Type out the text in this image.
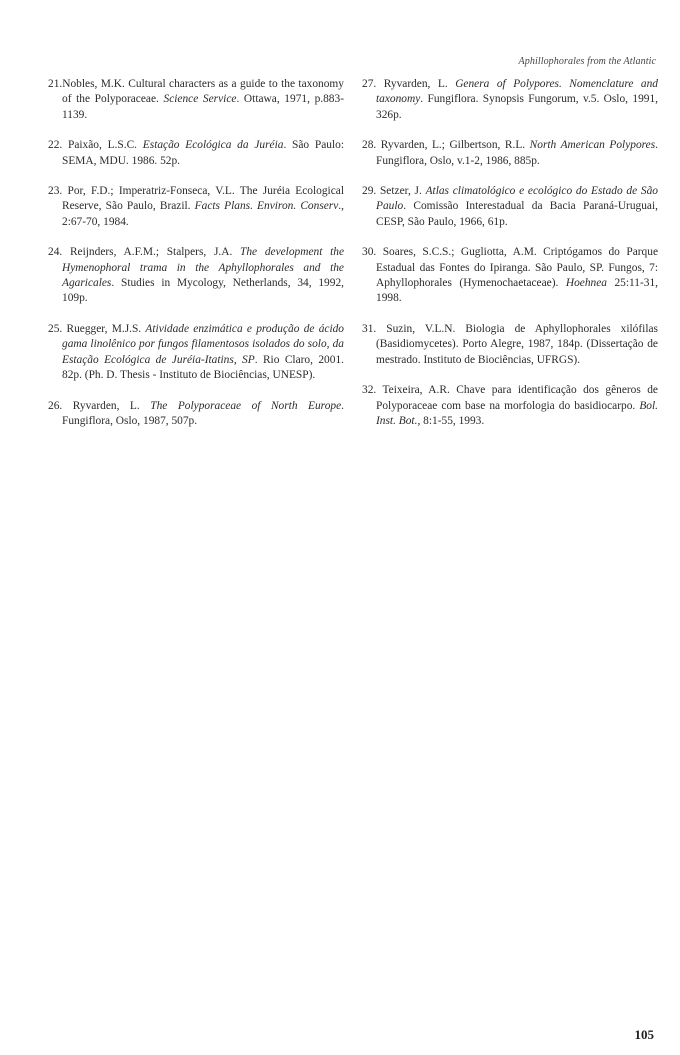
Aphillophorales from the Atlantic

21.Nobles, M.K. Cultural characters as a guide to the taxonomy of the Polyporaceae. Science Service. Ottawa, 1971, p.883-1139.

22. Paixão, L.S.C. Estação Ecológica da Juréia. São Paulo: SEMA, MDU. 1986. 52p.

23. Por, F.D.; Imperatriz-Fonseca, V.L. The Juréia Ecological Reserve, São Paulo, Brazil. Facts Plans. Environ. Conserv., 2:67-70, 1984.

24. Reijnders, A.F.M.; Stalpers, J.A. The development the Hymenophoral trama in the Aphyllophorales and the Agaricales. Studies in Mycology, Netherlands, 34, 1992, 109p.

25. Ruegger, M.J.S. Atividade enzimática e produção de ácido gama linolênico por fungos filamentosos isolados do solo, da Estação Ecológica de Juréia-Itatins, SP. Rio Claro, 2001. 82p. (Ph. D. Thesis - Instituto de Biociências, UNESP).

26. Ryvarden, L. The Polyporaceae of North Europe. Fungiflora, Oslo, 1987, 507p.

27. Ryvarden, L. Genera of Polypores. Nomenclature and taxonomy. Fungiflora. Synopsis Fungorum, v.5. Oslo, 1991, 326p.

28. Ryvarden, L.; Gilbertson, R.L. North American Polypores. Fungiflora, Oslo, v.1-2, 1986, 885p.

29. Setzer, J. Atlas climatológico e ecológico do Estado de São Paulo. Comissão Interestadual da Bacia Paraná-Uruguai, CESP, São Paulo, 1966, 61p.

30. Soares, S.C.S.; Gugliotta, A.M. Criptógamos do Parque Estadual das Fontes do Ipiranga. São Paulo, SP. Fungos, 7: Aphyllophorales (Hymenochaetaceae). Hoehnea 25:11-31, 1998.

31. Suzin, V.L.N. Biologia de Aphyllophorales xilófilas (Basidiomycetes). Porto Alegre, 1987, 184p. (Dissertação de mestrado. Instituto de Biociências, UFRGS).

32. Teixeira, A.R. Chave para identificação dos gêneros de Polyporaceae com base na morfologia do basidiocarpo. Bol. Inst. Bot., 8:1-55, 1993.

105
